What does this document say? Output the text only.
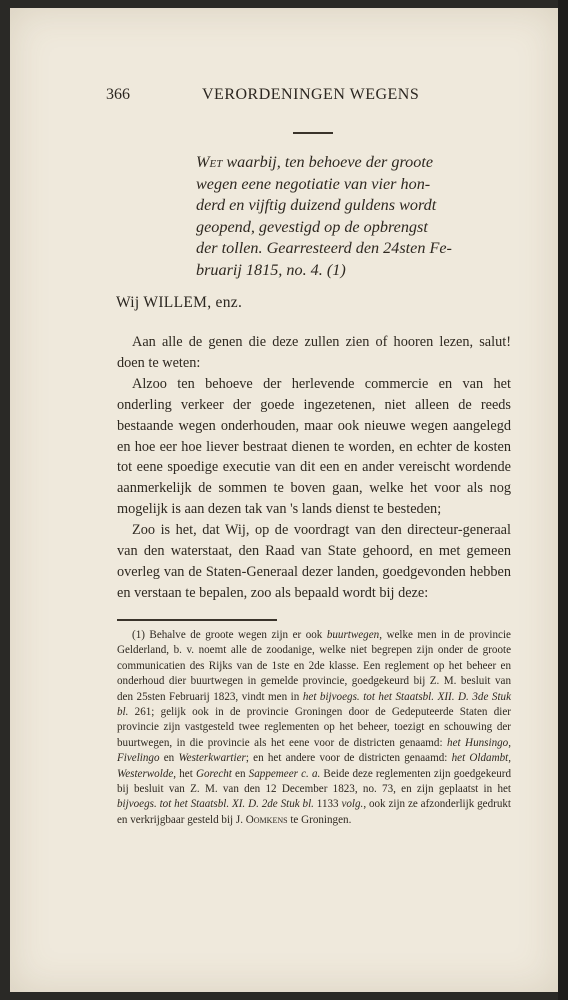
366	VERORDENINGEN WEGENS

Wet waarbij, ten behoeve der groote
wegen eene negotiatie van vier hon-
derd en vijftig duizend guldens wordt
geopend, gevestigd op de opbrengst
der tollen. Gearresteerd den 24sten Fe-
bruarij 1815, no. 4. (1)

Wij WILLEM, enz.

Aan alle de genen die deze zullen zien of hooren lezen, salut! doen te weten:

Alzoo ten behoeve der herlevende commercie en van het onderling verkeer der goede ingezetenen, niet alleen de reeds bestaande wegen onderhouden, maar ook nieuwe wegen aangelegd en hoe eer hoe liever bestraat dienen te worden, en echter de kosten tot eene spoedige executie van dit een en ander vereischt wordende aanmerkelijk de sommen te boven gaan, welke het voor als nog mogelijk is aan dezen tak van 's lands dienst te besteden;

Zoo is het, dat Wij, op de voordragt van den directeur-generaal van den waterstaat, den Raad van State gehoord, en met gemeen overleg van de Staten-Generaal dezer landen, goedgevonden hebben en verstaan te bepalen, zoo als bepaald wordt bij deze:

(1) Behalve de groote wegen zijn er ook buurtwegen, welke men in de provincie Gelderland, b. v. noemt alle de zoodanige, welke niet begrepen zijn onder de groote communicatien des Rijks van de 1ste en 2de klasse. Een reglement op het beheer en onderhoud dier buurtwegen in gemelde provincie, goedgekeurd bij Z. M. besluit van den 25sten Februarij 1823, vindt men in het bijvoegs. tot het Staatsbl. XII. D. 3de Stuk bl. 261; gelijk ook in de provincie Groningen door de Gedeputeerde Staten dier provincie zijn vastgesteld twee reglementen op het beheer, toezigt en schouwing der buurtwegen, in die provincie als het eene voor de districten genaamd: het Hunsingo, Fivelingo en Westerkwartier; en het andere voor de districten genaamd: het Oldambt, Westerwolde, het Gorecht en Sappemeer c. a. Beide deze reglementen zijn goedgekeurd bij besluit van Z. M. van den 12 December 1823, no. 73, en zijn geplaatst in het bijvoegs. tot het Staatsbl. XI. D. 2de Stuk bl. 1133 volg., ook zijn ze afzonderlijk gedrukt en verkrijgbaar gesteld bij J. Oomkens te Groningen.
